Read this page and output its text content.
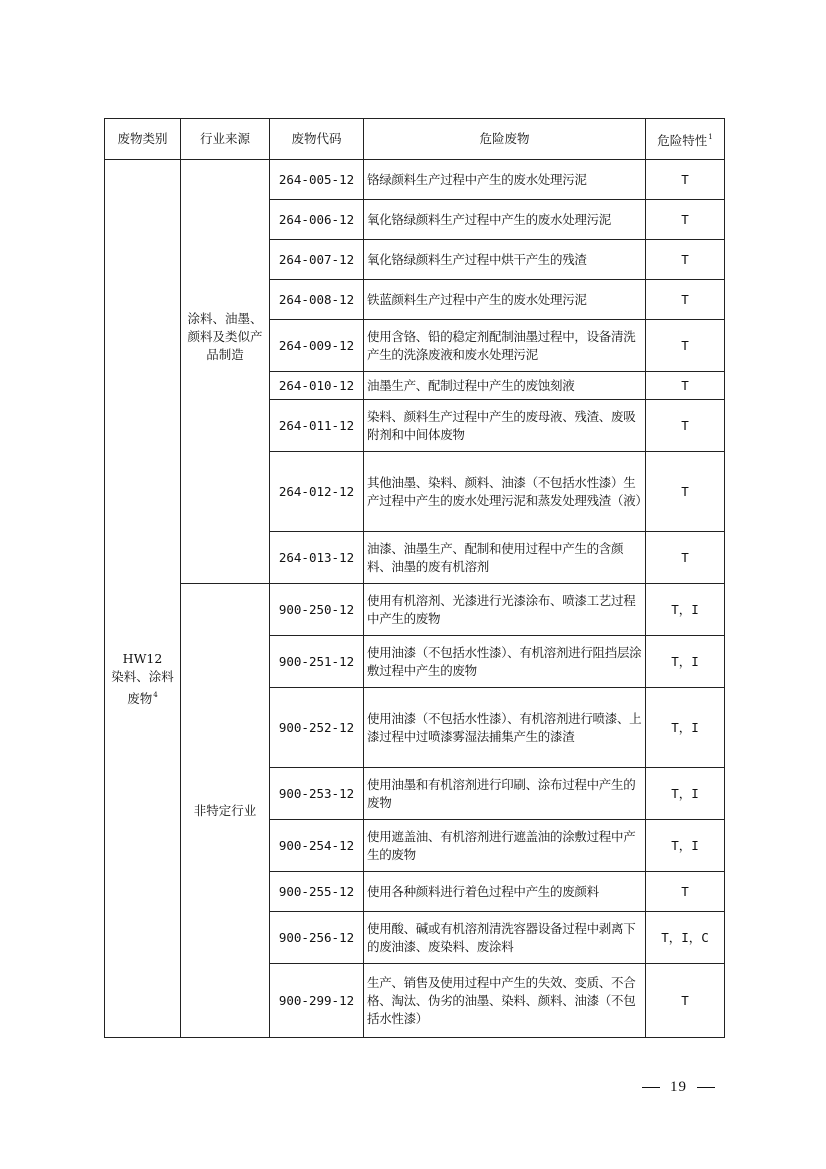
废物类别	行业来源	废物代码	危险废物	危险特性$^1$

HW12
染料、涂料废物$^4$	涂料、油墨、颜料及类似产品制造	264-005-12	铬绿颜料生产过程中产生的废水处理污泥	T
		264-006-12	氧化铬绿颜料生产过程中产生的废水处理污泥	T
		264-007-12	氧化铬绿颜料生产过程中烘干产生的残渣	T
		264-008-12	铁蓝颜料生产过程中产生的废水处理污泥	T
		264-009-12	使用含铬、铅的稳定剂配制油墨过程中，设备清洗产生的洗涤废液和废水处理污泥	T
		264-010-12	油墨生产、配制过程中产生的废蚀刻液	T
		264-011-12	染料、颜料生产过程中产生的废母液、残渣、废吸附剂和中间体废物	T
		264-012-12	其他油墨、染料、颜料、油漆（不包括水性漆）生产过程中产生的废水处理污泥和蒸发处理残渣（液）	T
		264-013-12	油漆、油墨生产、配制和使用过程中产生的含颜料、油墨的废有机溶剂	T
	非特定行业	900-250-12	使用有机溶剂、光漆进行光漆涂布、喷漆工艺过程中产生的废物	T，I
		900-251-12	使用油漆（不包括水性漆）、有机溶剂进行阻挡层涂敷过程中产生的废物	T，I
		900-252-12	使用油漆（不包括水性漆）、有机溶剂进行喷漆、上漆过程中过喷漆雾湿法捕集产生的漆渣	T，I
		900-253-12	使用油墨和有机溶剂进行印刷、涂布过程中产生的废物	T，I
		900-254-12	使用遮盖油、有机溶剂进行遮盖油的涂敷过程中产生的废物	T，I
		900-255-12	使用各种颜料进行着色过程中产生的废颜料	T
		900-256-12	使用酸、碱或有机溶剂清洗容器设备过程中剥离下的废油漆、废染料、废涂料	T，I，C
		900-299-12	生产、销售及使用过程中产生的失效、变质、不合格、淘汰、伪劣的油墨、染料、颜料、油漆（不包括水性漆）	T
19
